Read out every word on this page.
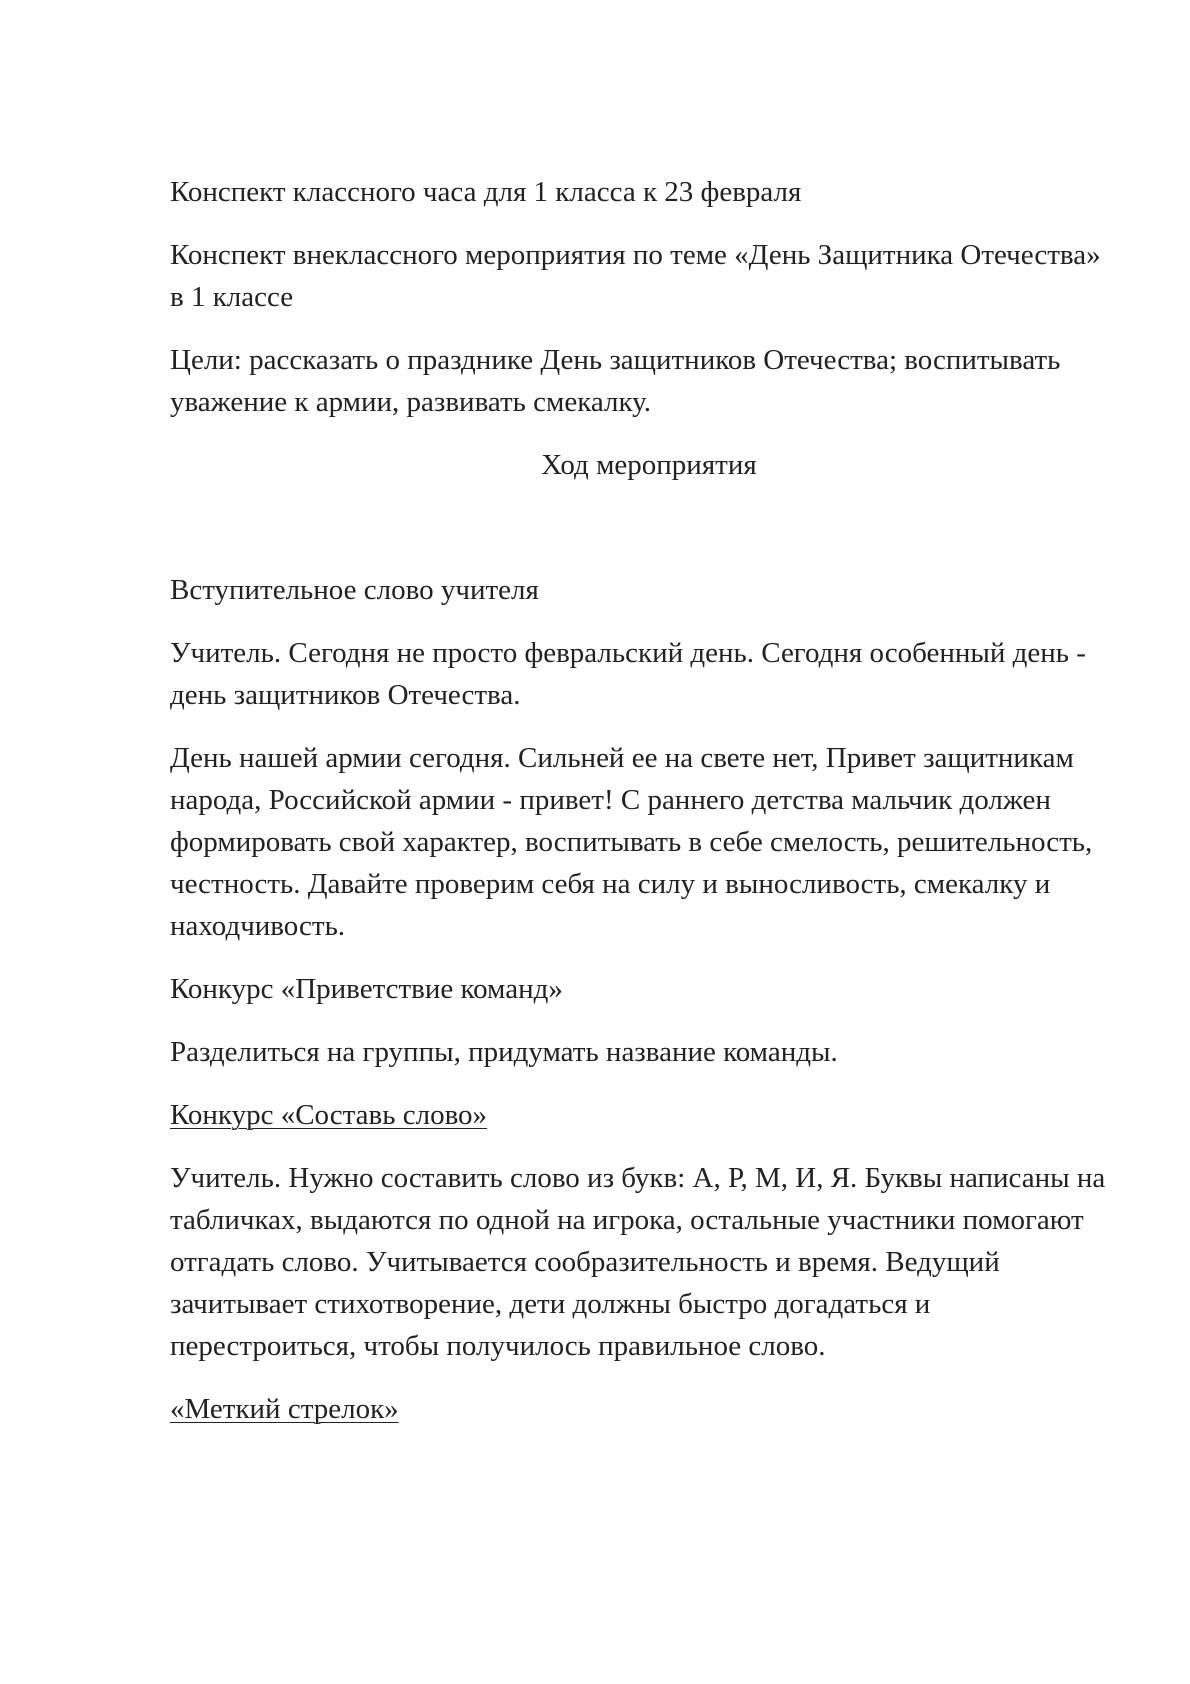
Конспект классного часа для 1 класса к 23 февраля

Конспект внеклассного мероприятия по теме «День Защитника Отечества» в 1 классе

Цели: рассказать о празднике День защитников Отечества; воспитывать уважение к армии, развивать смекалку.

Ход мероприятия

Вступительное слово учителя

Учитель. Сегодня не просто февральский день. Сегодня особенный день - день защитников Отечества.

День нашей армии сегодня. Сильней ее на свете нет, Привет защитникам народа, Российской армии - привет! С раннего детства мальчик должен формировать свой характер, воспитывать в себе смелость, решительность, честность. Давайте проверим себя на силу и выносливость, смекалку и находчивость.

Конкурс «Приветствие команд»

Разделиться на группы, придумать название команды.

Конкурс «Составь слово»

Учитель. Нужно составить слово из букв: А, Р, М, И, Я. Буквы написаны на табличках, выдаются по одной на игрока, остальные участники помогают отгадать слово. Учитывается сообразительность и время. Ведущий зачитывает стихотворение, дети должны быстро догадаться и перестроиться, чтобы получилось правильное слово.

«Меткий стрелок»
